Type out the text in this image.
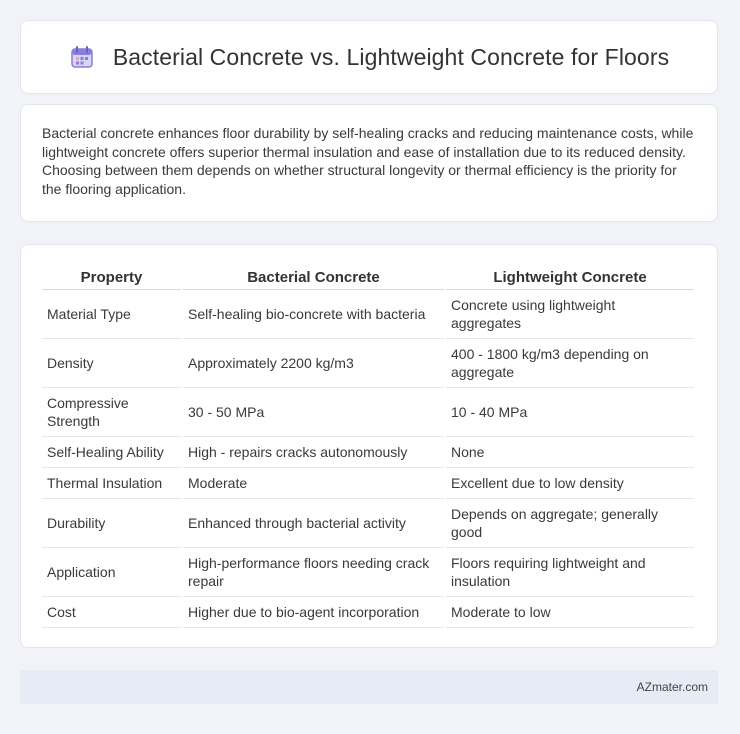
Bacterial Concrete vs. Lightweight Concrete for Floors

Bacterial concrete enhances floor durability by self-healing cracks and reducing maintenance costs, while lightweight concrete offers superior thermal insulation and ease of installation due to its reduced density. Choosing between them depends on whether structural longevity or thermal efficiency is the priority for the flooring application.

Property	Bacterial Concrete	Lightweight Concrete
Material Type	Self-healing bio-concrete with bacteria	Concrete using lightweight aggregates
Density	Approximately 2200 kg/m3	400 - 1800 kg/m3 depending on aggregate
Compressive Strength	30 - 50 MPa	10 - 40 MPa
Self-Healing Ability	High - repairs cracks autonomously	None
Thermal Insulation	Moderate	Excellent due to low density
Durability	Enhanced through bacterial activity	Depends on aggregate; generally good
Application	High-performance floors needing crack repair	Floors requiring lightweight and insulation
Cost	Higher due to bio-agent incorporation	Moderate to low
AZmater.com
